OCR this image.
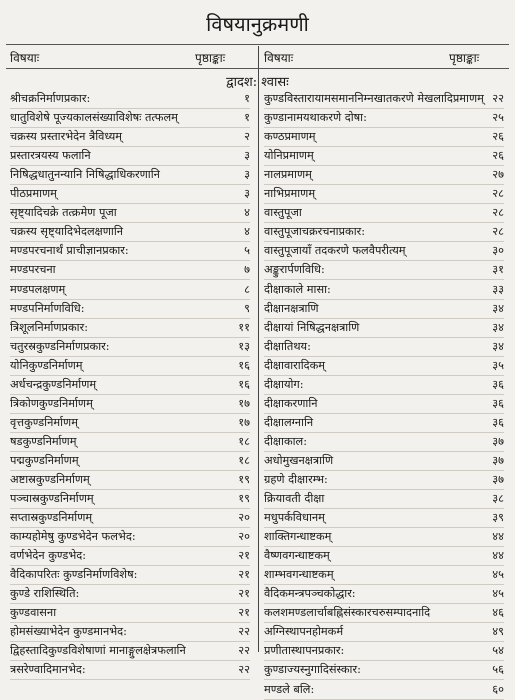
विषयानुक्रमणी
विषयाः	पृष्ठाङ्काः	विषयाः	पृष्ठाङ्काः
द्वादश: श्वासः
श्रीचक्रनिर्माणप्रकार:	१
धातुविशेषे पूज्यकालसंख्याविशेषः तत्फलम्	१
चक्रस्य प्रस्तारभेदेन त्रैविध्यम्	२
प्रस्तारत्रयस्य फलानि	३
निषिद्धधातुनन्यानि निषिद्धाधिकरणानि	३
पीठप्रमाणम्	३
सृष्ट्यादिचक्रे तत्क्रमेण पूजा	४
चक्रस्य सृष्ट्यादिभेदलक्षणानि	४
मण्डपरचनार्थं प्राचीज्ञानप्रकार:	५
मण्डपरचना	७
मण्डपलक्षणम्	८
मण्डपनिर्माणविधि:	९
त्रिशूलनिर्माणप्रकार:	११
चतुरस्रकुण्डनिर्माणप्रकार:	१३
योनिकुण्डनिर्माणम्	१६
अर्धचन्द्रकुण्डनिर्माणम्	१६
त्रिकोणकुण्डनिर्माणम्	१७
वृत्तकुण्डनिर्माणम्	१७
षडकुण्डनिर्माणम्	१८
पद्मकुण्डनिर्माणम्	१८
अष्टास्रकुण्डनिर्माणम्	१९
पञ्चास्रकुण्डनिर्माणम्	१९
सप्तास्रकुण्डनिर्माणम्	२०
काम्यहोमेषु कुण्डभेदेन फलभेद:	२०
वर्णभेदेन कुण्डभेद:	२१
वैदिकापरितः कुण्डनिर्माणविशेष:	२१
कुण्डे राशिस्थिति:	२१
कुण्डवासना	२१
होमसंख्याभेदेन कुण्डमानभेद:	२२
द्विहस्तादिकुण्डविशेषाणां मानाङ्गुलक्षेत्रफलानि	२२
त्रसरेण्वादिमानभेद:	२२
कुण्डविस्तारायामसमाननिम्नखातकरणे मेखलादिप्रमाणम् २२
कुण्डानामयथाकरणे दोषा:	२५
कण्ठप्रमाणम्	२६
योनिप्रमाणम्	२६
नालप्रमाणम्	२७
नाभिप्रमाणम्	२८
वास्तुपूजा	२८
वास्तुपूजाचक्ररचनाप्रकार:	२८
वास्तुपूजायाँ तदकरणे फलवैपरीत्यम्	३०
अङ्कुरार्पणविधि:	३१
दीक्षाकाले मासा:	३३
दीक्षानक्षत्राणि	३४
दीक्षायां निषिद्धनक्षत्राणि	३४
दीक्षातिथय:	३४
दीक्षावारादिकम्	३५
दीक्षायोग:	३६
दीक्षाकरणानि	३६
दीक्षालग्नानि	३६
दीक्षाकाल:	३७
अधोमुखनक्षत्राणि	३७
ग्रहणे दीक्षारम्भ:	३७
क्रियावती दीक्षा	३८
मधुपर्कविधानम्	३९
शाक्तिगन्धाष्टकम्	४४
वैष्णवगन्धाष्टकम्	४४
शाम्भवगन्धाष्टकम्	४५
वैदिकमन्त्रपञ्चकोद्धार:	४५
कलशमण्डलार्चाबह्निसंस्कारचरुसम्पादनादि	४६
अग्निस्थापनहोमकर्म	४९
प्रणीतास्थापनप्रकार:	५४
कुण्डाज्यस्नुगादिसंस्कार:	५६
मण्डले बलि:	६०
